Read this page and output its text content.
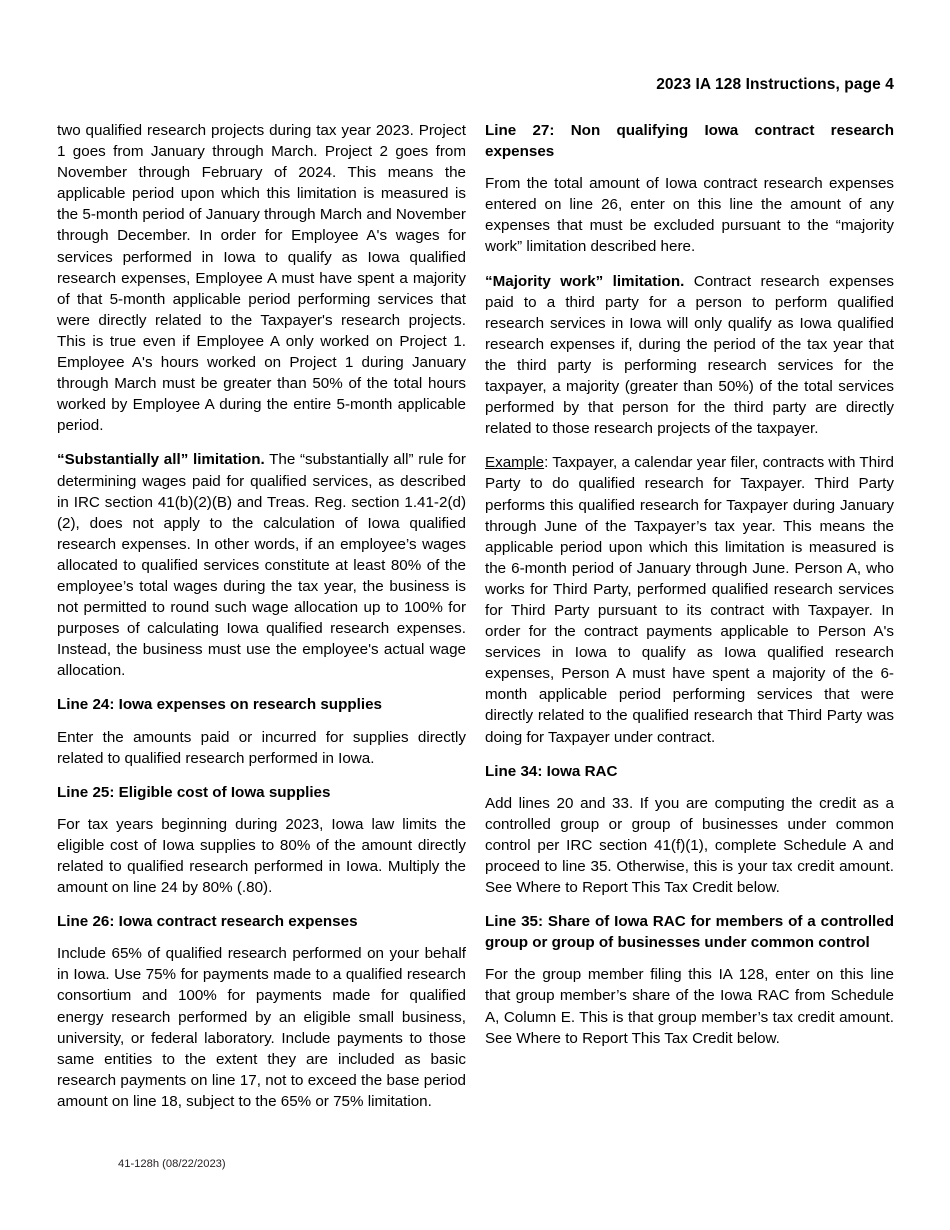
2023 IA 128 Instructions, page 4

two qualified research projects during tax year 2023. Project 1 goes from January through March. Project 2 goes from November through February of 2024. This means the applicable period upon which this limitation is measured is the 5-month period of January through March and November through December. In order for Employee A's wages for services performed in Iowa to qualify as Iowa qualified research expenses, Employee A must have spent a majority of that 5-month applicable period performing services that were directly related to the Taxpayer's research projects. This is true even if Employee A only worked on Project 1. Employee A's hours worked on Project 1 during January through March must be greater than 50% of the total hours worked by Employee A during the entire 5-month applicable period.

“Substantially all” limitation. The “substantially all” rule for determining wages paid for qualified services, as described in IRC section 41(b)(2)(B) and Treas. Reg. section 1.41-2(d)(2), does not apply to the calculation of Iowa qualified research expenses. In other words, if an employee’s wages allocated to qualified services constitute at least 80% of the employee’s total wages during the tax year, the business is not permitted to round such wage allocation up to 100% for purposes of calculating Iowa qualified research expenses. Instead, the business must use the employee's actual wage allocation.

Line 24: Iowa expenses on research supplies

Enter the amounts paid or incurred for supplies directly related to qualified research performed in Iowa.

Line 25: Eligible cost of Iowa supplies

For tax years beginning during 2023, Iowa law limits the eligible cost of Iowa supplies to 80% of the amount directly related to qualified research performed in Iowa. Multiply the amount on line 24 by 80% (.80).

Line 26: Iowa contract research expenses

Include 65% of qualified research performed on your behalf in Iowa. Use 75% for payments made to a qualified research consortium and 100% for payments made for qualified energy research performed by an eligible small business, university, or federal laboratory. Include payments to those same entities to the extent they are included as basic research payments on line 17, not to exceed the base period amount on line 18, subject to the 65% or 75% limitation.

Line 27: Non qualifying Iowa contract research expenses

From the total amount of Iowa contract research expenses entered on line 26, enter on this line the amount of any expenses that must be excluded pursuant to the “majority work” limitation described here.

“Majority work” limitation. Contract research expenses paid to a third party for a person to perform qualified research services in Iowa will only qualify as Iowa qualified research expenses if, during the period of the tax year that the third party is performing research services for the taxpayer, a majority (greater than 50%) of the total services performed by that person for the third party are directly related to those research projects of the taxpayer.

Example: Taxpayer, a calendar year filer, contracts with Third Party to do qualified research for Taxpayer. Third Party performs this qualified research for Taxpayer during January through June of the Taxpayer’s tax year. This means the applicable period upon which this limitation is measured is the 6-month period of January through June. Person A, who works for Third Party, performed qualified research services for Third Party pursuant to its contract with Taxpayer. In order for the contract payments applicable to Person A's services in Iowa to qualify as Iowa qualified research expenses, Person A must have spent a majority of the 6-month applicable period performing services that were directly related to the qualified research that Third Party was doing for Taxpayer under contract.

Line 34: Iowa RAC

Add lines 20 and 33. If you are computing the credit as a controlled group or group of businesses under common control per IRC section 41(f)(1), complete Schedule A and proceed to line 35. Otherwise, this is your tax credit amount. See Where to Report This Tax Credit below.

Line 35: Share of Iowa RAC for members of a controlled group or group of businesses under common control

For the group member filing this IA 128, enter on this line that group member’s share of the Iowa RAC from Schedule A, Column E. This is that group member’s tax credit amount. See Where to Report This Tax Credit below.

41-128h (08/22/2023)
